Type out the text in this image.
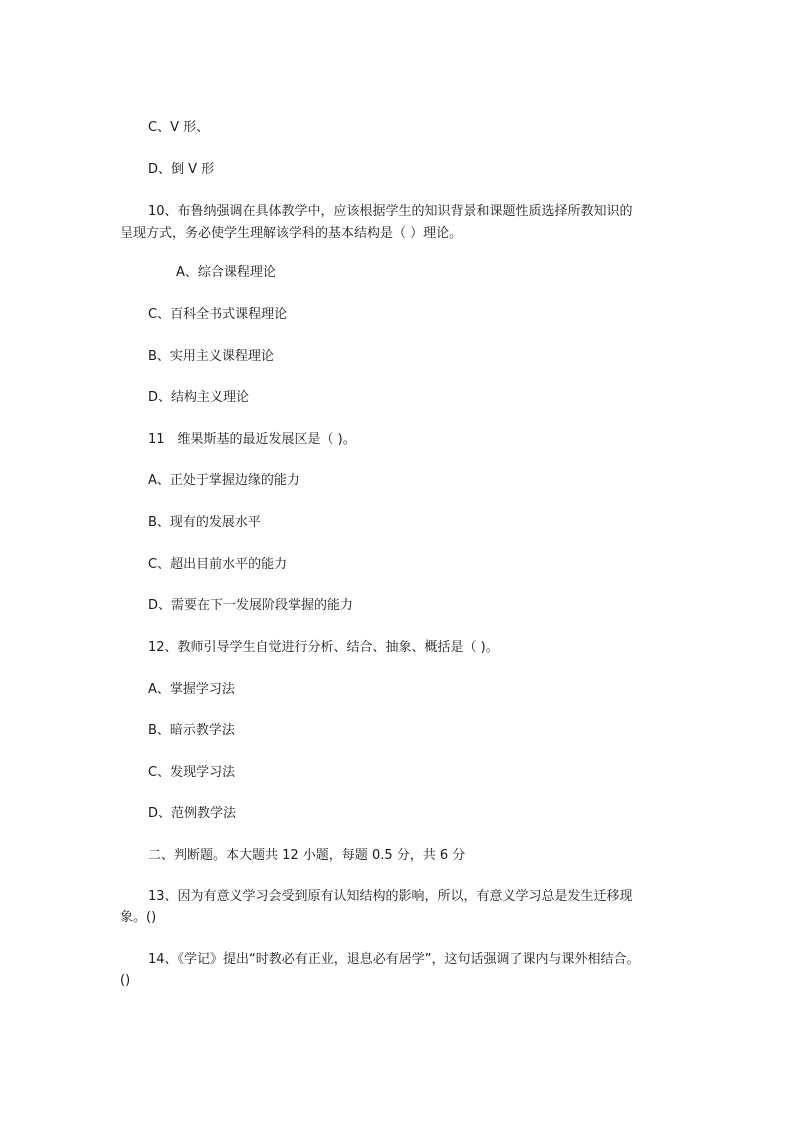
C、V 形、
D、倒 V 形
10、布鲁纳强调在具体教学中，应该根据学生的知识背景和课题性质选择所教知识的
呈现方式，务必使学生理解该学科的基本结构是（ ）理论。
A、综合课程理论
C、百科全书式课程理论
B、实用主义课程理论
D、结构主义理论
11　维果斯基的最近发展区是（ )。
A、正处于掌握边缘的能力
B、现有的发展水平
C、超出目前水平的能力
D、需要在下一发展阶段掌握的能力
12、教师引导学生自觉进行分析、结合、抽象、概括是（ )。
A、掌握学习法
B、暗示教学法
C、发现学习法
D、范例教学法
二、判断题。本大题共 12 小题，每题 0.5 分，共 6 分
13、因为有意义学习会受到原有认知结构的影响，所以，有意义学习总是发生迁移现
象。()
14、《学记》提出“时教必有正业，退息必有居学”，这句话强调了课内与课外相结合。
()
